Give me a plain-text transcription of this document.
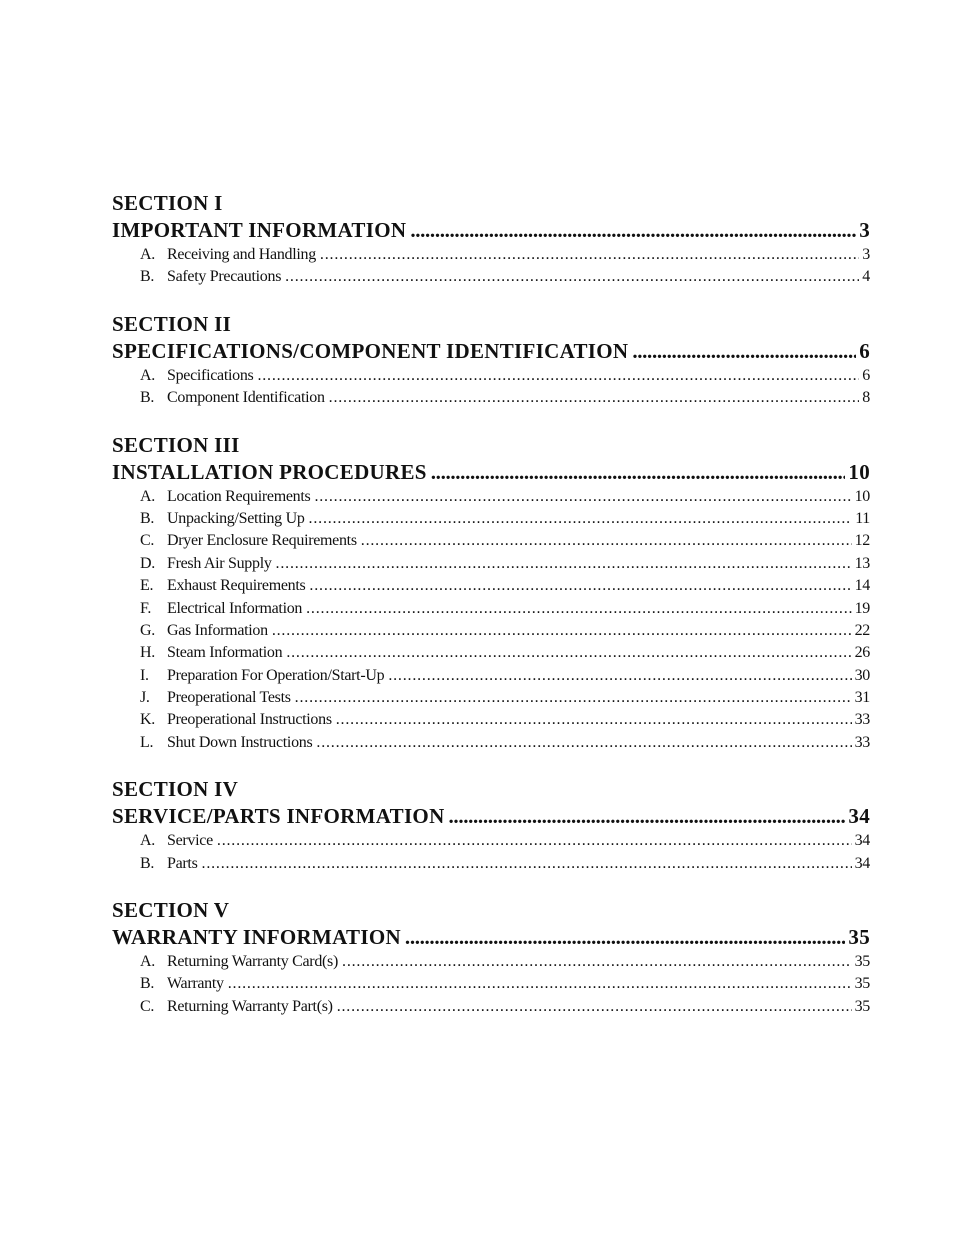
SECTION I
IMPORTANT INFORMATION . . .	3
A. Receiving and Handling . . .	3
B. Safety Precautions . . .	4
SECTION II
SPECIFICATIONS/COMPONENT IDENTIFICATION . . .	6
A. Specifications . . .	6
B. Component Identification . . .	8
SECTION III
INSTALLATION PROCEDURES . . .	10
A. Location Requirements . . .	10
B. Unpacking/Setting Up . . .	11
C. Dryer Enclosure Requirements . . .	12
D. Fresh Air Supply . . .	13
E. Exhaust Requirements . . .	14
F. Electrical Information . . .	19
G. Gas Information . . .	22
H. Steam Information . . .	26
I.	Preparation For Operation/Start-Up . . .	30
J.	Preoperational Tests . . .	31
K. Preoperational Instructions . . .	33
L. Shut Down Instructions . . .	33
SECTION IV
SERVICE/PARTS INFORMATION . . .	34
A. Service . . .	34
B. Parts . . .	34
SECTION V
WARRANTY INFORMATION . . .	35
A. Returning Warranty Card(s) . . .	35
B. Warranty . . .	35
C. Returning Warranty Part(s) . . .	35
